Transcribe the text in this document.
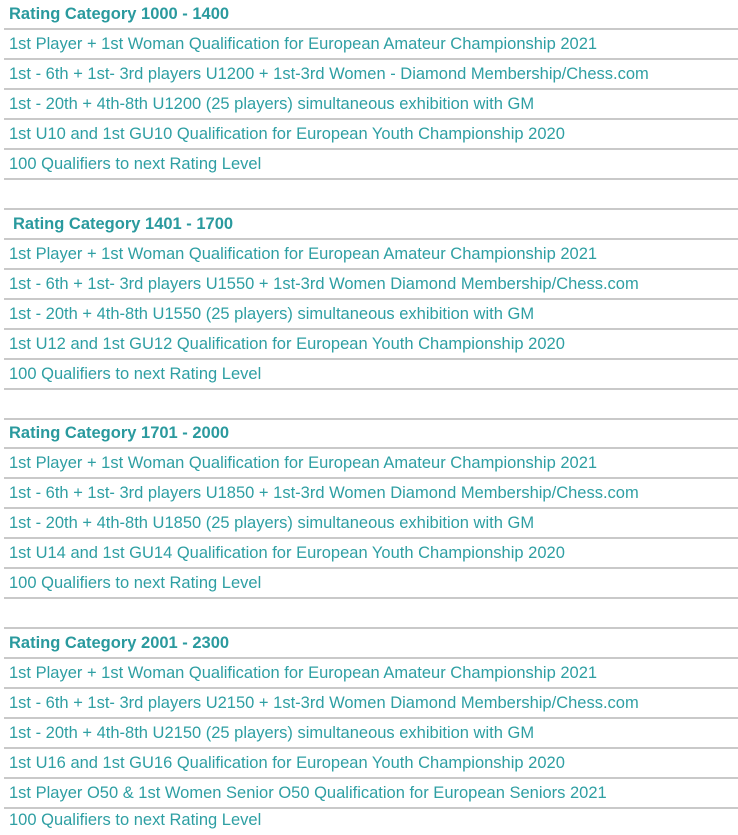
Rating Category 1000 - 1400
1st Player + 1st Woman Qualification for European Amateur Championship 2021
1st - 6th + 1st- 3rd players U1200 + 1st-3rd Women - Diamond Membership/Chess.com
1st - 20th + 4th-8th U1200 (25 players) simultaneous exhibition with GM
1st U10 and 1st GU10 Qualification for European Youth Championship 2020
100 Qualifiers to next Rating Level
Rating Category 1401 - 1700
1st Player + 1st Woman Qualification for European Amateur Championship 2021
1st - 6th + 1st- 3rd players U1550 + 1st-3rd Women Diamond Membership/Chess.com
1st - 20th + 4th-8th U1550 (25 players) simultaneous exhibition with GM
1st U12 and 1st GU12 Qualification for European Youth Championship 2020
100 Qualifiers to next Rating Level
Rating Category 1701 - 2000
1st Player + 1st Woman Qualification for European Amateur Championship 2021
1st - 6th + 1st- 3rd players U1850 + 1st-3rd Women Diamond Membership/Chess.com
1st - 20th + 4th-8th U1850 (25 players) simultaneous exhibition with GM
1st U14 and 1st GU14 Qualification for European Youth Championship 2020
100 Qualifiers to next Rating Level
Rating Category 2001 - 2300
1st Player + 1st Woman Qualification for European Amateur Championship 2021
1st - 6th + 1st- 3rd players U2150 + 1st-3rd Women Diamond Membership/Chess.com
1st - 20th + 4th-8th U2150 (25 players) simultaneous exhibition with GM
1st U16 and 1st GU16 Qualification for European Youth Championship 2020
1st Player O50 & 1st Women Senior O50 Qualification for European Seniors 2021
100 Qualifiers to next Rating Level
